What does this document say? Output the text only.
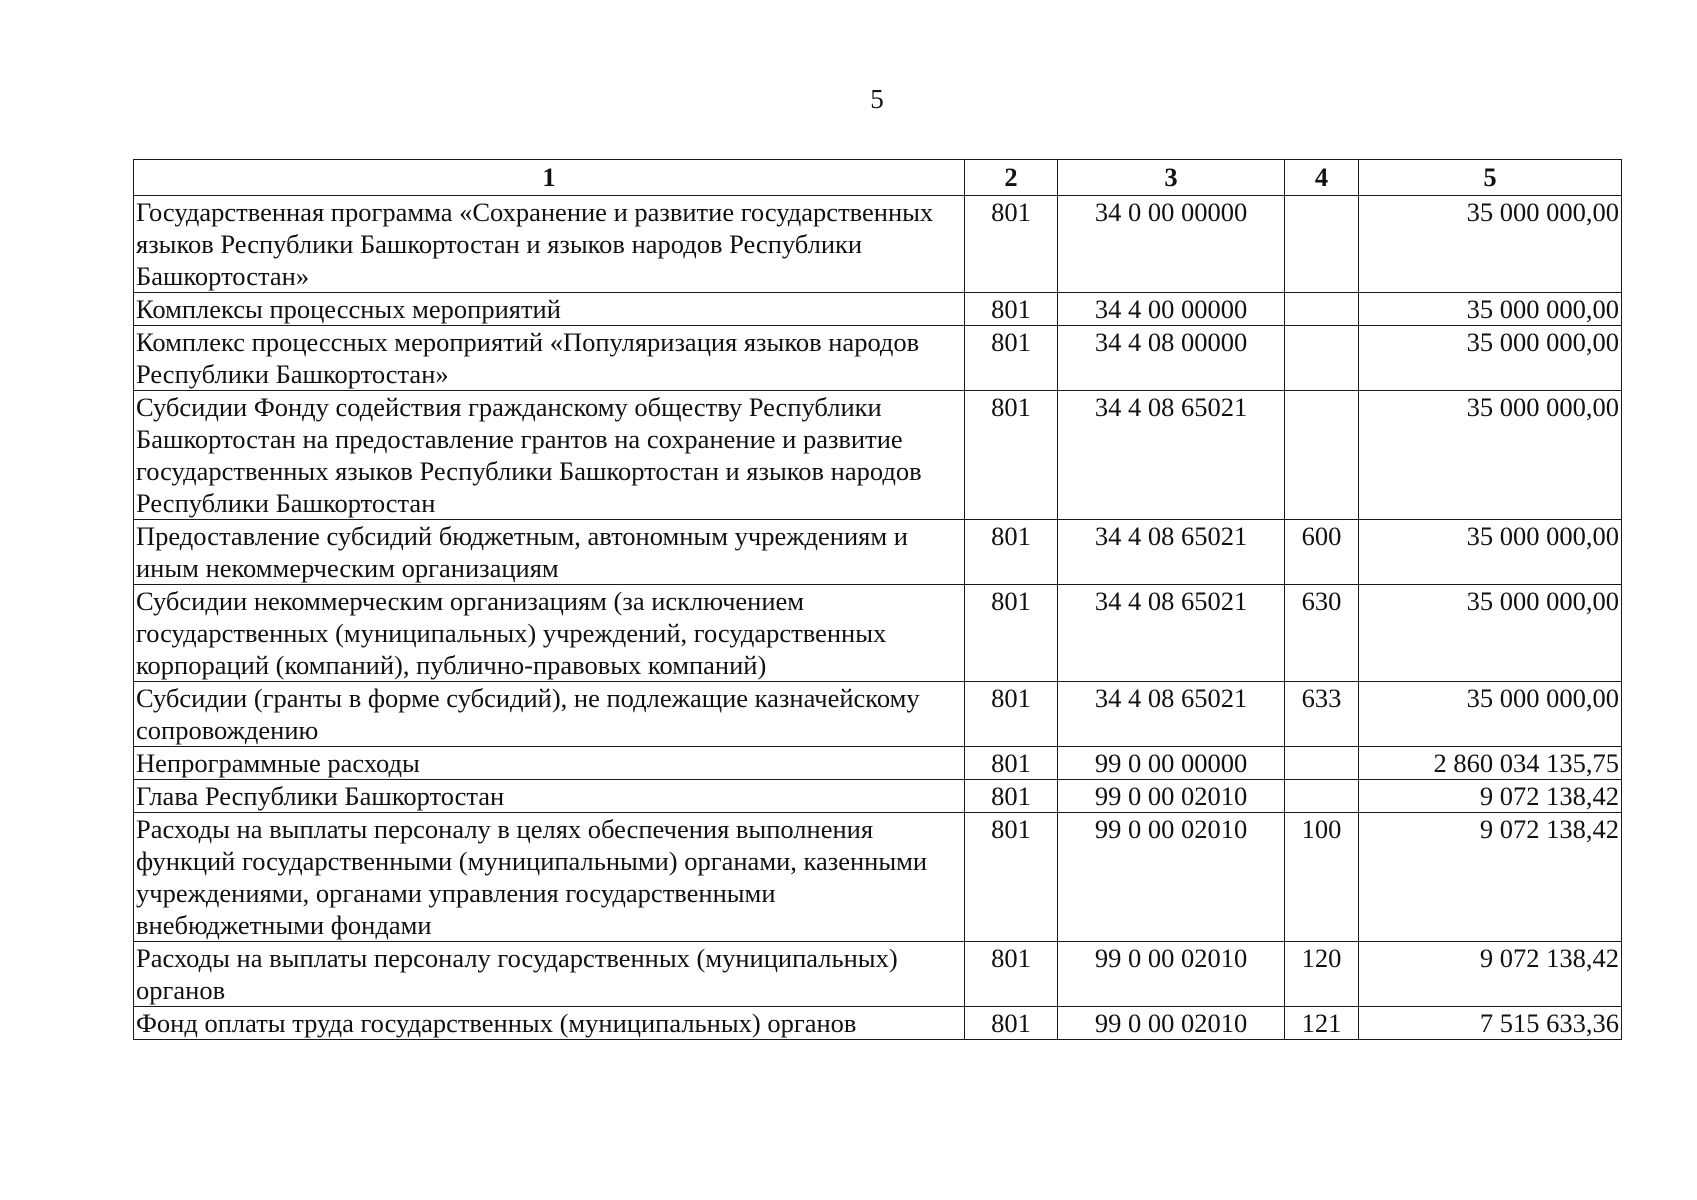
5
1	2	3	4	5
Государственная программа «Сохранение и развитие государственных языков Республики Башкортостан и языков народов Республики Башкортостан»	801	34 0 00 00000		35 000 000,00
Комплексы процессных мероприятий	801	34 4 00 00000		35 000 000,00
Комплекс процессных мероприятий «Популяризация языков народов Республики Башкортостан»	801	34 4 08 00000		35 000 000,00
Субсидии Фонду содействия гражданскому обществу Республики Башкортостан на предоставление грантов на сохранение и развитие государственных языков Республики Башкортостан и языков народов Республики Башкортостан	801	34 4 08 65021		35 000 000,00
Предоставление субсидий бюджетным, автономным учреждениям и иным некоммерческим организациям	801	34 4 08 65021	600	35 000 000,00
Субсидии некоммерческим организациям (за исключением государственных (муниципальных) учреждений, государственных корпораций (компаний), публично-правовых компаний)	801	34 4 08 65021	630	35 000 000,00
Субсидии (гранты в форме субсидий), не подлежащие казначейскому сопровождению	801	34 4 08 65021	633	35 000 000,00
Непрограммные расходы	801	99 0 00 00000		2 860 034 135,75
Глава Республики Башкортостан	801	99 0 00 02010		9 072 138,42
Расходы на выплаты персоналу в целях обеспечения выполнения функций государственными (муниципальными) органами, казенными учреждениями, органами управления государственными внебюджетными фондами	801	99 0 00 02010	100	9 072 138,42
Расходы на выплаты персоналу государственных (муниципальных) органов	801	99 0 00 02010	120	9 072 138,42
Фонд оплаты труда государственных (муниципальных) органов	801	99 0 00 02010	121	7 515 633,36
